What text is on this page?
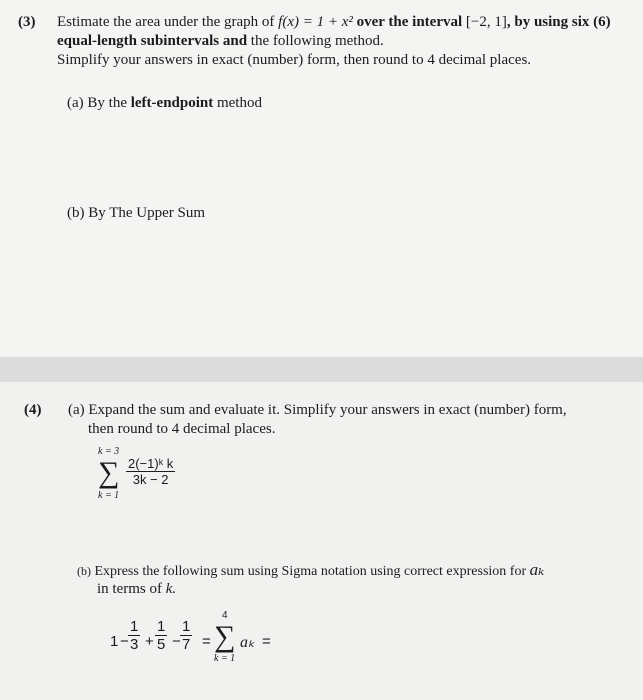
(3) Estimate the area under the graph of f(x) = 1 + x² over the interval [−2, 1], by using six (6)
equal-length subintervals and the following method.
Simplify your answers in exact (number) form, then round to 4 decimal places.
(a) By the left-endpoint method
(b) By The Upper Sum
(4) (a) Expand the sum and evaluate it. Simplify your answers in exact (number) form,
then round to 4 decimal places.
k = 3
∑
k = 1
$\frac{\text{2(−1)ᵏ k}}{3k - 2}$
(b) Express the following sum using Sigma notation using correct expression for aₖ
in terms of k.
$1 - \frac{1}{3} + \frac{1}{5} - \frac{1}{7}$ =
4
∑
k = 1
aₖ =
